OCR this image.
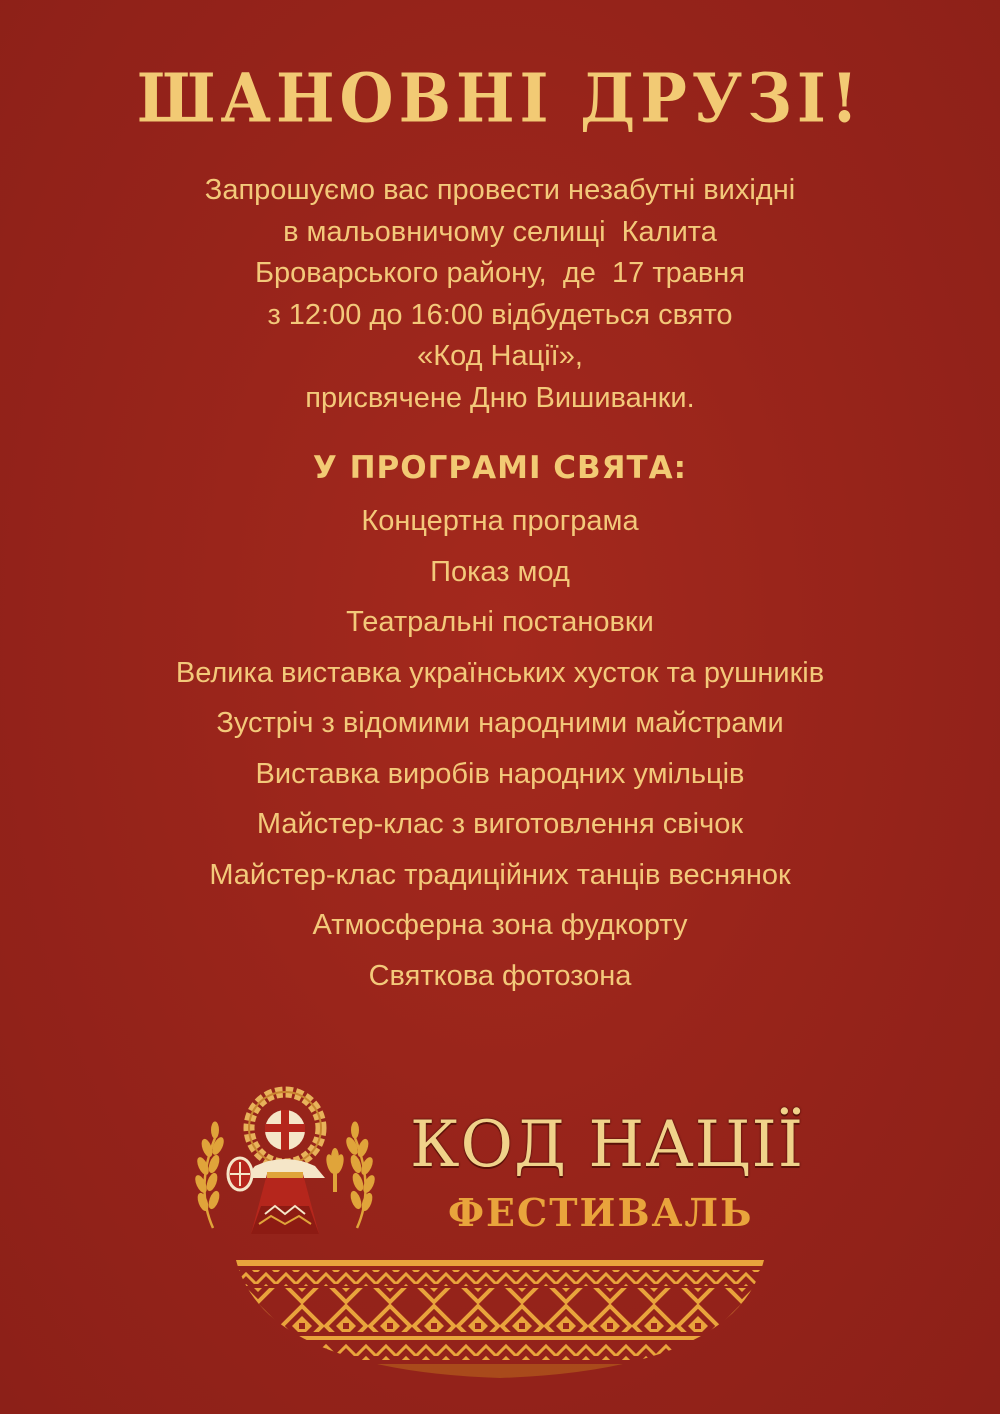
ШАНОВНІ ДРУЗІ!
Запрошуємо вас провести незабутні вихідні
в мальовничому селищі  Калита
Броварського району,  де  17 травня
з 12:00 до 16:00 відбудеться свято
«Код Нації»,
присвячене Дню Вишиванки.
У ПРОГРАМІ СВЯТА:
Концертна програма
Показ мод
Театральні постановки
Велика виставка українських хусток та рушників
Зустріч з відомими народними майстрами
Виставка виробів народних умільців
Майстер-клас з виготовлення свічок
Майстер-клас традиційних танців веснянок
Атмосферна зона фудкорту
Святкова фотозона
КОД НАЦІЇ
ФЕСТИВАЛЬ
